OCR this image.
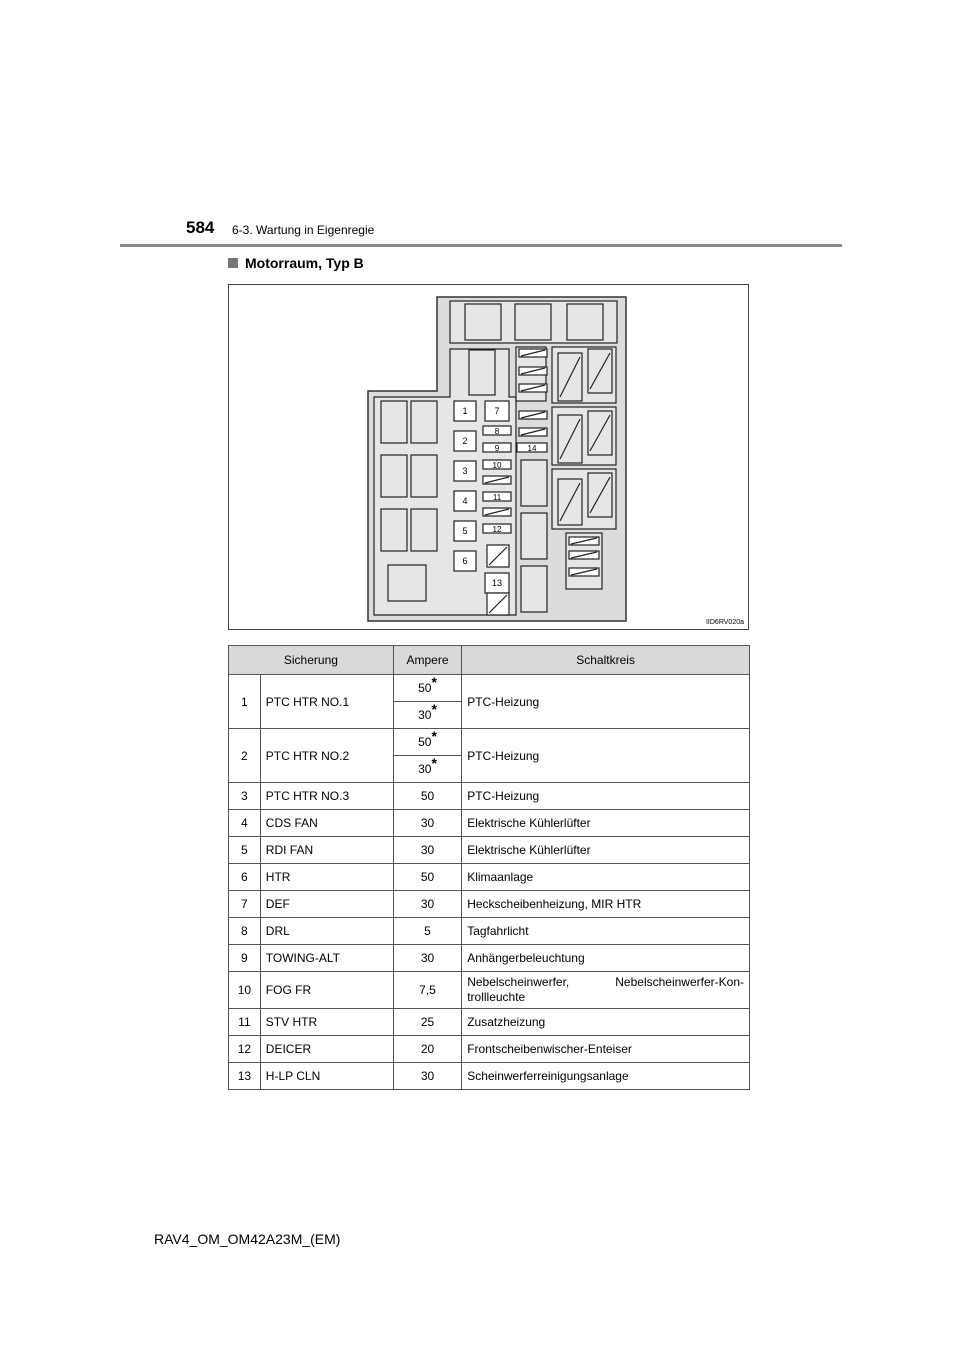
584 6-3. Wartung in Eigenregie
Motorraum, Typ B
1
2
3
4
5
6
7
8
9
10
11
12
13
14
IID6RV020a
Sicherung		Ampere	Schaltkreis
1	PTC HTR NO.1	50*	PTC-Heizung
		30*
2	PTC HTR NO.2	50*	PTC-Heizung
		30*
3	PTC HTR NO.3	50	PTC-Heizung
4	CDS FAN	30	Elektrische Kühlerlüfter
5	RDI FAN	30	Elektrische Kühlerlüfter
6	HTR	50	Klimaanlage
7	DEF	30	Heckscheibenheizung, MIR HTR
8	DRL	5	Tagfahrlicht
9	TOWING-ALT	30	Anhängerbeleuchtung
10	FOG FR	7,5	Nebelscheinwerfer, Nebelscheinwerfer-Kon-trollleuchte
11	STV HTR	25	Zusatzheizung
12	DEICER	20	Frontscheibenwischer-Enteiser
13	H-LP CLN	30	Scheinwerferreinigungsanlage
RAV4_OM_OM42A23M_(EM)
